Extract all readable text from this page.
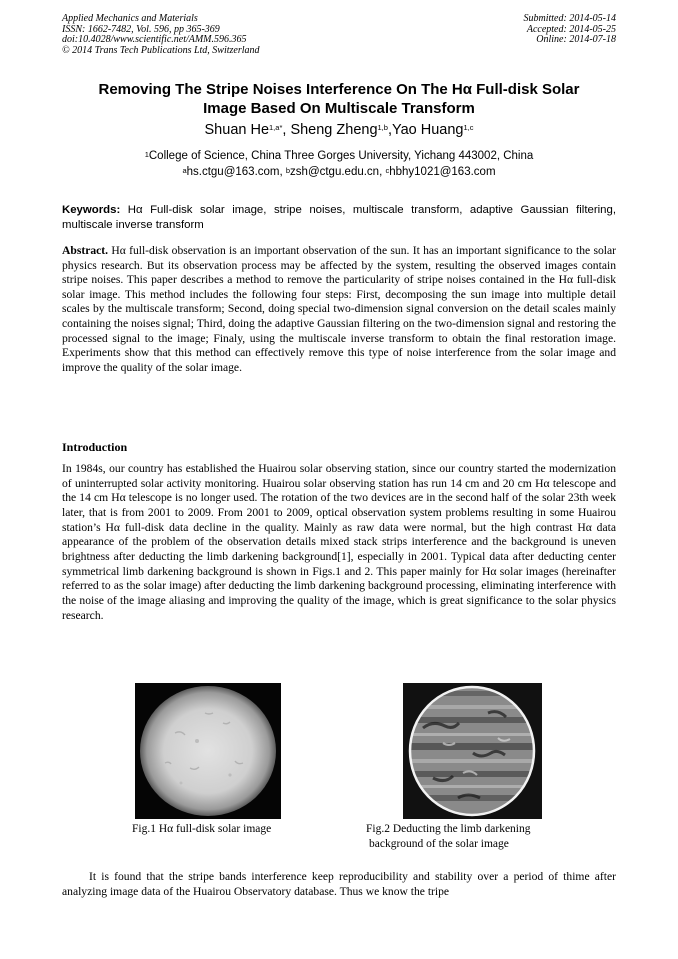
Applied Mechanics and Materials
ISSN: 1662-7482, Vol. 596, pp 365-369
doi:10.4028/www.scientific.net/AMM.596.365
© 2014 Trans Tech Publications Ltd, Switzerland
Submitted: 2014-05-14
Accepted: 2014-05-25
Online: 2014-07-18
Removing The Stripe Noises Interference On The Hα Full-disk Solar
Image Based On Multiscale Transform
Shuan $He^{1,a*}$, Sheng Zheng$^{1,b}$,Yao Huang$^{1,c}$
$^1$College of Science, China Three Gorges University, Yichang 443002, China
$^a$hs.ctgu@163.com, $^b$zsh@ctgu.edu.cn, $^c$hbhy1021@163.com
Keywords: Hα Full-disk solar image, stripe noises, multiscale transform, adaptive Gaussian filtering, multiscale inverse transform
Abstract. Hα full-disk observation is an important observation of the sun. It has an important significance to the solar physics research. But its observation process may be affected by the system, resulting the observed images contain stripe noises. This paper describes a method to remove the particularity of stripe noises contained in the Hα full-disk solar image. This method includes the following four steps: First, decomposing the sun image into multiple detail scales by the multiscale transform; Second, doing special two-dimension signal conversion on the detail scales mainly containing the noises signal; Third, doing the adaptive Gaussian filtering on the two-dimension signal and restoring the processed signal to the image; Finaly, using the multiscale inverse transform to obtain the final restoration image. Experiments show that this method can effectively remove this type of noise interference from the solar image and improve the quality of the solar image.
Introduction
In 1984s, our country has established the Huairou solar observing station, since our country started the modernization of uninterrupted solar activity monitoring. Huairou solar observing station has run 14 cm and 20 cm Hα telescope and the 14 cm Hα telescope is no longer used. The rotation of the two devices are in the second half of the solar 23th week later, that is from 2001 to 2009. From 2001 to 2009, optical observation system problems resulting in some Huairou station’s Hα full-disk data decline in the quality. Mainly as raw data were normal, but the high contrast Hα data appearance of the problem of the observation details mixed stack strips interference and the background is uneven brightness after deducting the limb darkening background[1], especially in 2001. Typical data after deducting center symmetrical limb darkening background is shown in Figs.1 and 2. This paper mainly for Hα solar images (hereinafter referred to as the solar image) after deducting the limb darkening background processing, eliminating interference with the noise of the image aliasing and improving the quality of the image, which is great significance to the solar physics research.
Fig.1 Hα full-disk solar image	Fig.2 Deducting the limb darkening
background of the solar image
It is found that the stripe bands interference keep reproducibility and stability over a period of thime after analyzing image data of the Huairou Observatory database. Thus we know the tripe
